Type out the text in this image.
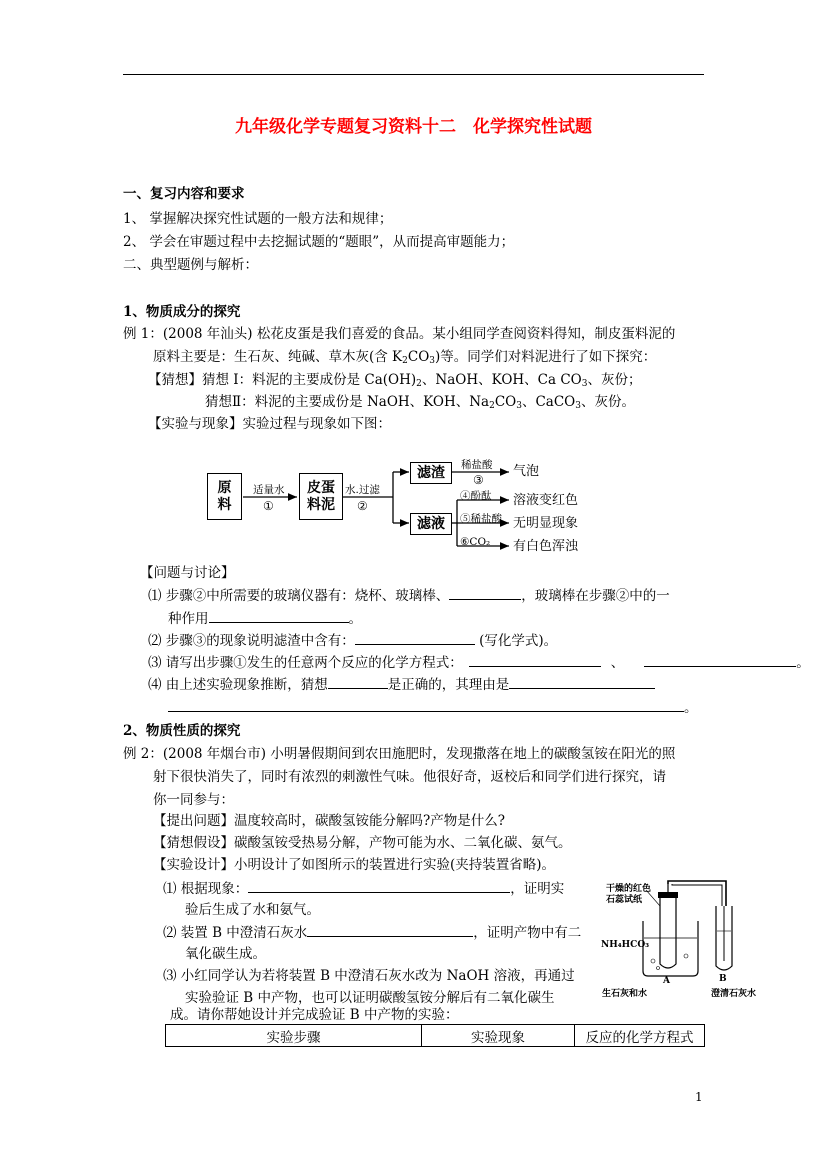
九年级化学专题复习资料十二　化学探究性试题
一、复习内容和要求
1、 掌握解决探究性试题的一般方法和规律；
2、 学会在审题过程中去挖掘试题的“题眼”，从而提高审题能力；
二、典型题例与解析：
1、物质成分的探究
例 1：(2008 年汕头) 松花皮蛋是我们喜爱的食品。某小组同学查阅资料得知，制皮蛋料泥的
原料主要是：生石灰、纯碱、草木灰(含 $K_2CO_3$)等。同学们对料泥进行了如下探究：
【猜想】猜想 I：料泥的主要成份是 $Ca(OH)_2$、NaOH、KOH、Ca $CO_3$、灰份；
猜想Ⅱ：料泥的主要成份是 NaOH、KOH、$Na_2CO_3$、CaCO$_3$、灰份。
【实验与现象】实验过程与现象如下图：
原
料
皮蛋
料泥
滤渣
滤液
适量水
①
水.过滤
②
稀盐酸
③
气泡
④酚酞 溶液变红色
⑤稀盐酸 无明显现象
⑥CO₂ 有白色浑浊
【问题与讨论】
⑴ 步骤②中所需要的玻璃仪器有：烧杯、玻璃棒、	，玻璃棒在步骤②中的一
种作用	。
⑵ 步骤③的现象说明滤渣中含有：	(写化学式)。
⑶ 请写出步骤①发生的任意两个反应的化学方程式：	、	。
⑷ 由上述实验现象推断，猜想	是正确的，其理由是
。
2、物质性质的探究
例 2：(2008 年烟台市) 小明暑假期间到农田施肥时，发现撒落在地上的碳酸氢铵在阳光的照
射下很快消失了，同时有浓烈的刺激性气味。他很好奇，返校后和同学们进行探究，请
你一同参与：
【提出问题】温度较高时，碳酸氢铵能分解吗?产物是什么?
【猜想假设】碳酸氢铵受热易分解，产物可能为水、二氧化碳、氨气。
【实验设计】小明设计了如图所示的装置进行实验(夹持装置省略)。
⑴ 根据现象：	，证明实
验后生成了水和氨气。
⑵ 装置 B 中澄清石灰水	，证明产物中有二
氧化碳生成。
⑶ 小红同学认为若将装置 B 中澄清石灰水改为 NaOH 溶液，再通过
实验验证 B 中产物，也可以证明碳酸氢铵分解后有二氧化碳生
成。请你帮她设计并完成验证 B 中产物的实验：
干燥的红色
石蕊试纸
NH₄HCO₃
A	B
生石灰和水	澄清石灰水
实验步骤	实验现象	反应的化学方程式
1
